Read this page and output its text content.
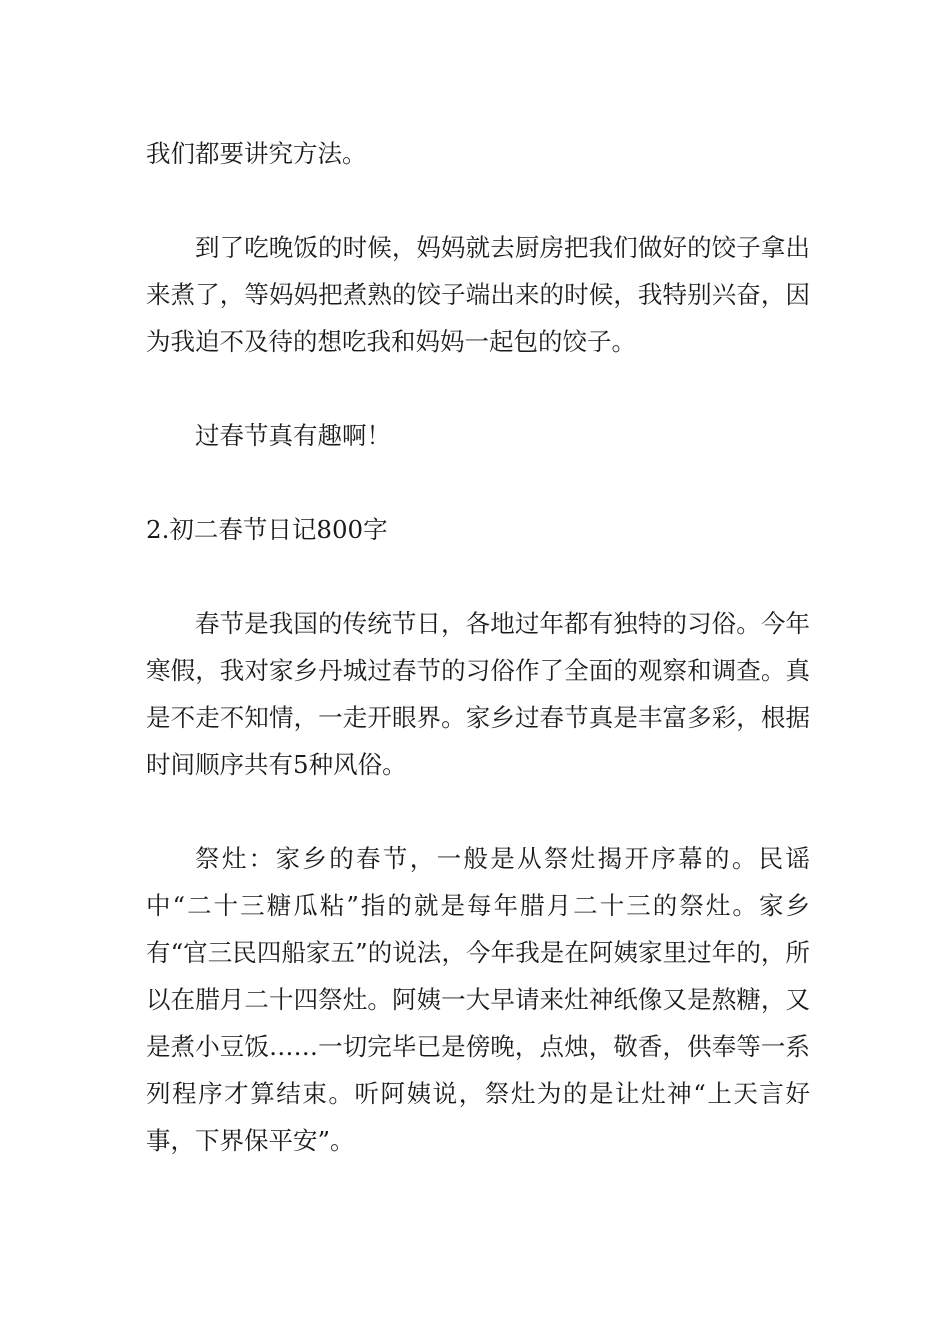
我们都要讲究方法。

到了吃晚饭的时候，妈妈就去厨房把我们做好的饺子拿出来煮了，等妈妈把煮熟的饺子端出来的时候，我特别兴奋，因为我迫不及待的想吃我和妈妈一起包的饺子。

过春节真有趣啊！

2.初二春节日记800字

春节是我国的传统节日，各地过年都有独特的习俗。今年寒假，我对家乡丹城过春节的习俗作了全面的观察和调查。真是不走不知情，一走开眼界。家乡过春节真是丰富多彩，根据时间顺序共有5种风俗。

祭灶：家乡的春节，一般是从祭灶揭开序幕的。民谣中“二十三糖瓜粘”指的就是每年腊月二十三的祭灶。家乡有“官三民四船家五”的说法，今年我是在阿姨家里过年的，所以在腊月二十四祭灶。阿姨一大早请来灶神纸像又是熬糖，又是煮小豆饭……一切完毕已是傍晚，点烛，敬香，供奉等一系列程序才算结束。听阿姨说，祭灶为的是让灶神“上天言好事，下界保平安”。
